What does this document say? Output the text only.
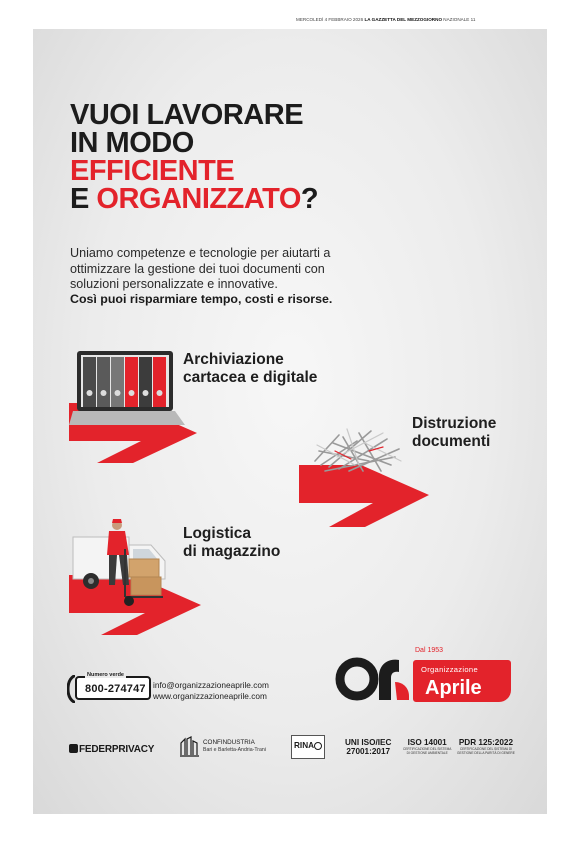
MERCOLEDÌ 4 FEBBRAIO 2026 LA GAZZETTA DEL MEZZOGIORNO NAZIONALE 11
VUOI LAVORARE
IN MODO
EFFICIENTE
E ORGANIZZATO?
Uniamo competenze e tecnologie per aiutarti a ottimizzare la gestione dei tuoi documenti con soluzioni personalizzate e innovative.
Così puoi risparmiare tempo, costi e risorse.
Archiviazione
cartacea e digitale
Distruzione
documenti
Logistica
di magazzino
Numero verde
800-274747 info@organizzazioneaprile.com
www.organizzazioneaprile.com
Dal 1953
Organizzazione
Aprile
FEDERPRIVACY
CONFINDUSTRIA
Bari e Barletta-Andria-Trani	RINA	UNI ISO/IEC
27001:2017
ISO 14001
CERTIFICAZIONE DEL SISTEMA
DI GESTIONE AMBIENTALE
PDR 125:2022
CERTIFICAZIONE DEL SISTEMA DI
GESTIONE DELLA PARITÀ DI GENERE
